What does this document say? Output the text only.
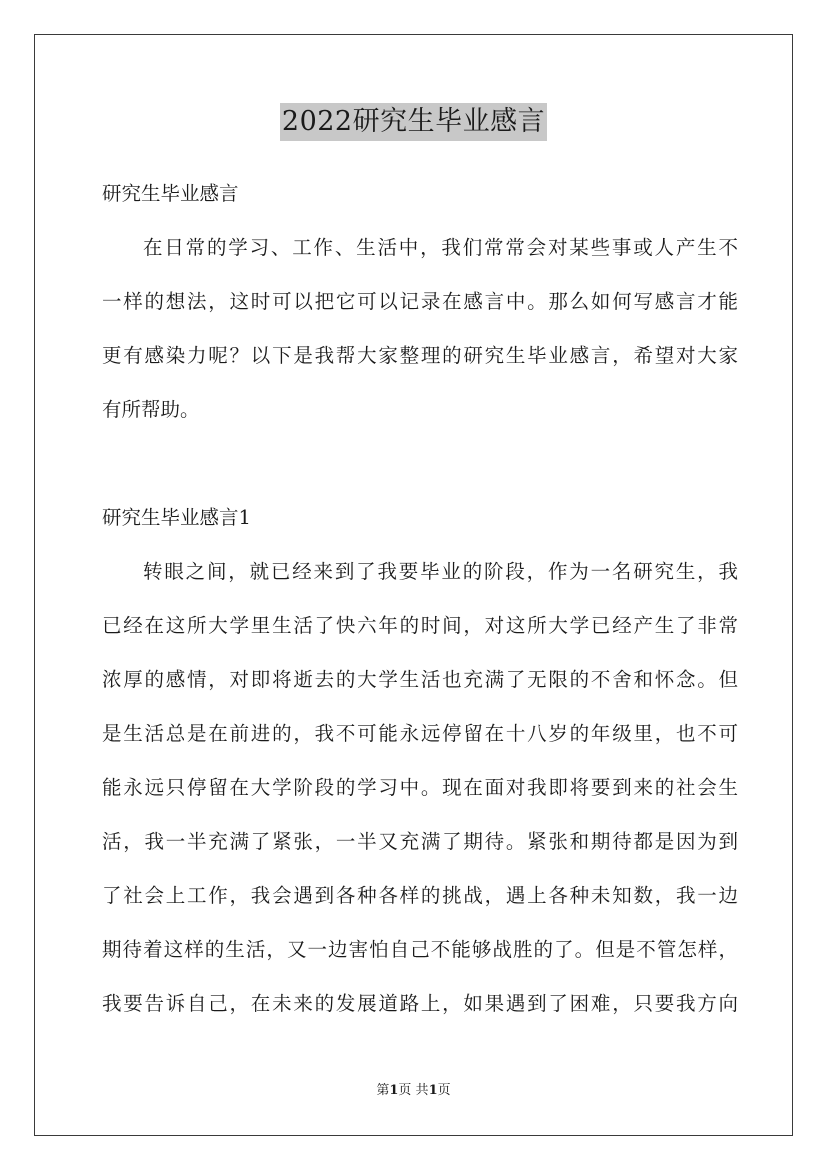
2022研究生毕业感言
研究生毕业感言
在日常的学习、工作、生活中，我们常常会对某些事或人产生不
一样的想法，这时可以把它可以记录在感言中。那么如何写感言才能
更有感染力呢？以下是我帮大家整理的研究生毕业感言，希望对大家
有所帮助。
研究生毕业感言1
转眼之间，就已经来到了我要毕业的阶段，作为一名研究生，我
已经在这所大学里生活了快六年的时间，对这所大学已经产生了非常
浓厚的感情，对即将逝去的大学生活也充满了无限的不舍和怀念。但
是生活总是在前进的，我不可能永远停留在十八岁的年级里，也不可
能永远只停留在大学阶段的学习中。现在面对我即将要到来的社会生
活，我一半充满了紧张，一半又充满了期待。紧张和期待都是因为到
了社会上工作，我会遇到各种各样的挑战，遇上各种未知数，我一边
期待着这样的生活，又一边害怕自己不能够战胜的了。但是不管怎样，
我要告诉自己，在未来的发展道路上，如果遇到了困难，只要我方向
第1页 共1页
